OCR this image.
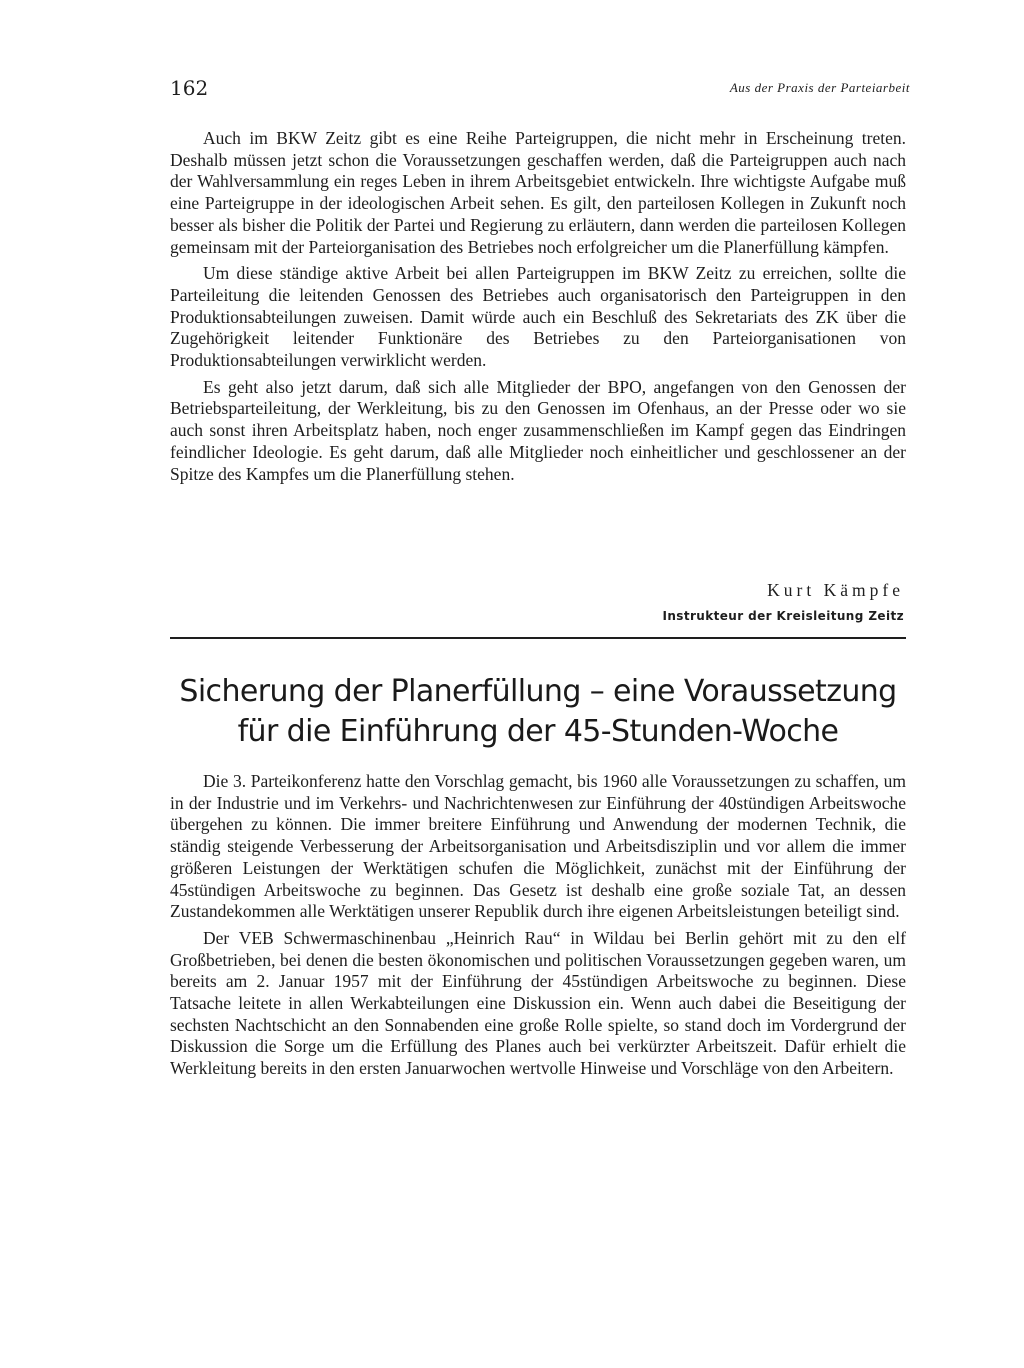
162	Aus der Praxis der Parteiarbeit

Auch im BKW Zeitz gibt es eine Reihe Parteigruppen, die nicht mehr in Erscheinung treten. Deshalb müssen jetzt schon die Voraussetzungen geschaffen werden, daß die Parteigruppen auch nach der Wahlversammlung ein reges Leben in ihrem Arbeitsgebiet entwickeln. Ihre wichtigste Aufgabe muß eine Parteigruppe in der ideologischen Arbeit sehen. Es gilt, den parteilosen Kollegen in Zukunft noch besser als bisher die Politik der Partei und Regierung zu erläutern, dann werden die parteilosen Kollegen gemeinsam mit der Parteiorganisation des Betriebes noch erfolgreicher um die Planerfüllung kämpfen.

Um diese ständige aktive Arbeit bei allen Parteigruppen im BKW Zeitz zu erreichen, sollte die Parteileitung die leitenden Genossen des Betriebes auch organisatorisch den Parteigruppen in den Produktionsabteilungen zuweisen. Damit würde auch ein Beschluß des Sekretariats des ZK über die Zugehörigkeit leitender Funktionäre des Betriebes zu den Parteiorganisationen von Produktionsabteilungen verwirklicht werden.

Es geht also jetzt darum, daß sich alle Mitglieder der BPO, angefangen von den Genossen der Betriebsparteileitung, der Werkleitung, bis zu den Genossen im Ofenhaus, an der Presse oder wo sie auch sonst ihren Arbeitsplatz haben, noch enger zusammenschließen im Kampf gegen das Eindringen feindlicher Ideologie. Es geht darum, daß alle Mitglieder noch einheitlicher und geschlossener an der Spitze des Kampfes um die Planerfüllung stehen.

Kurt Kämpfe
Instrukteur der Kreisleitung Zeitz
Sicherung der Planerfüllung – eine Voraussetzung
für die Einführung der 45-Stunden-Woche

Die 3. Parteikonferenz hatte den Vorschlag gemacht, bis 1960 alle Voraussetzungen zu schaffen, um in der Industrie und im Verkehrs- und Nachrichtenwesen zur Einführung der 40stündigen Arbeitswoche übergehen zu können. Die immer breitere Einführung und Anwendung der modernen Technik, die ständig steigende Verbesserung der Arbeitsorganisation und Arbeitsdisziplin und vor allem die immer größeren Leistungen der Werktätigen schufen die Möglichkeit, zunächst mit der Einführung der 45stündigen Arbeitswoche zu beginnen. Das Gesetz ist deshalb eine große soziale Tat, an dessen Zustandekommen alle Werktätigen unserer Republik durch ihre eigenen Arbeitsleistungen beteiligt sind.

Der VEB Schwermaschinenbau „Heinrich Rau“ in Wildau bei Berlin gehört mit zu den elf Großbetrieben, bei denen die besten ökonomischen und politischen Voraussetzungen gegeben waren, um bereits am 2. Januar 1957 mit der Einführung der 45stündigen Arbeitswoche zu beginnen. Diese Tatsache leitete in allen Werkabteilungen eine Diskussion ein. Wenn auch dabei die Beseitigung der sechsten Nachtschicht an den Sonnabenden eine große Rolle spielte, so stand doch im Vordergrund der Diskussion die Sorge um die Erfüllung des Planes auch bei verkürzter Arbeitszeit. Dafür erhielt die Werkleitung bereits in den ersten Januarwochen wertvolle Hinweise und Vorschläge von den Arbeitern.
